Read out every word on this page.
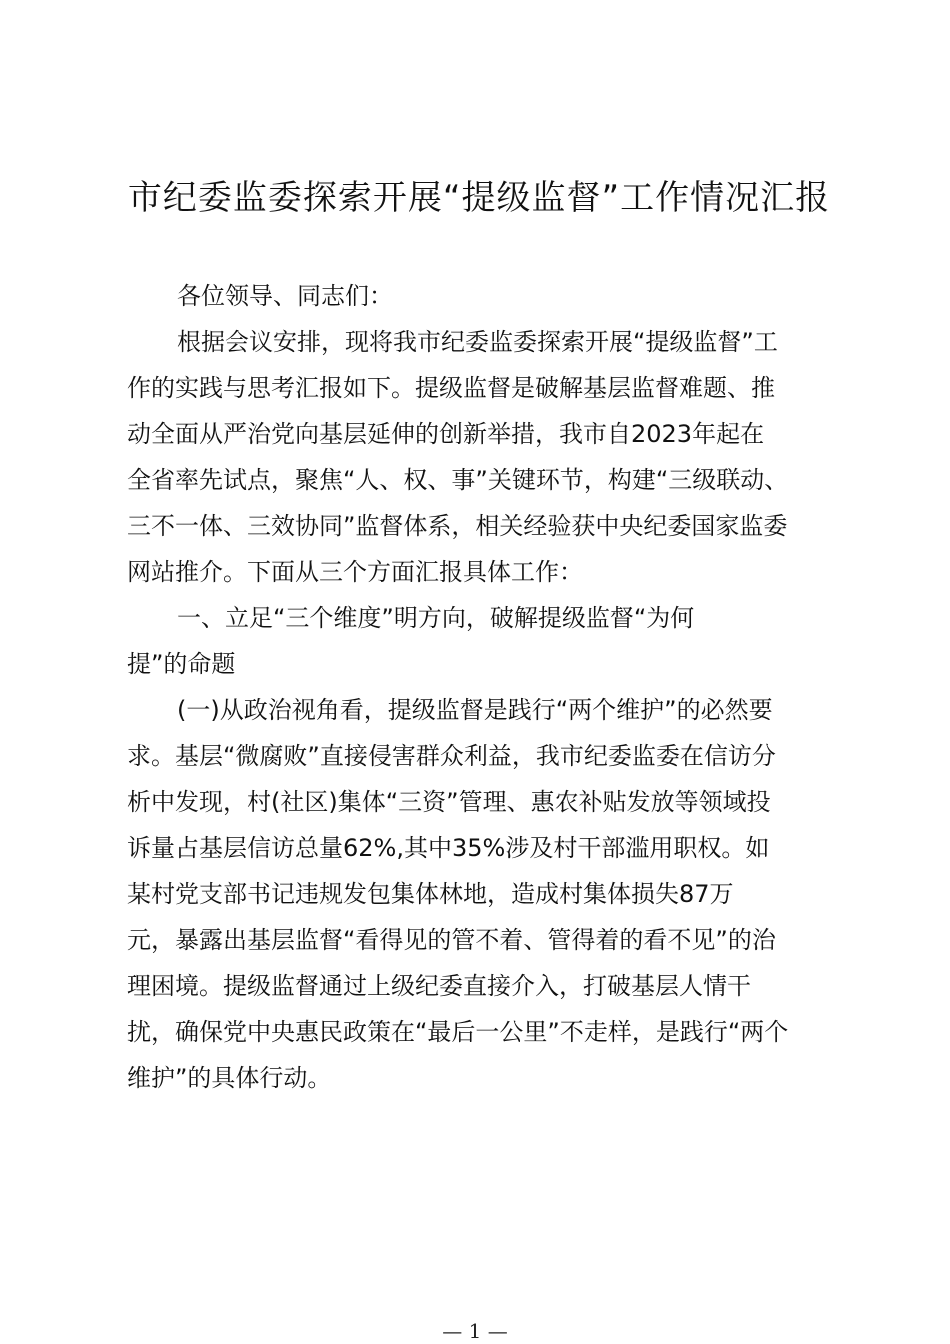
市纪委监委探索开展“提级监督”工作情况汇报

各位领导、同志们：

根据会议安排，现将我市纪委监委探索开展“提级监督”工

作的实践与思考汇报如下。提级监督是破解基层监督难题、推

动全面从严治党向基层延伸的创新举措，我市自2023年起在

全省率先试点，聚焦“人、权、事”关键环节，构建“三级联动、

三不一体、三效协同”监督体系，相关经验获中央纪委国家监委

网站推介。下面从三个方面汇报具体工作：

一、立足“三个维度”明方向，破解提级监督“为何

提”的命题

(一)从政治视角看，提级监督是践行“两个维护”的必然要

求。基层“微腐败”直接侵害群众利益，我市纪委监委在信访分

析中发现，村(社区)集体“三资”管理、惠农补贴发放等领域投

诉量占基层信访总量62%,其中35%涉及村干部滥用职权。如

某村党支部书记违规发包集体林地，造成村集体损失87万

元，暴露出基层监督“看得见的管不着、管得着的看不见”的治

理困境。提级监督通过上级纪委直接介入，打破基层人情干

扰，确保党中央惠民政策在“最后一公里”不走样，是践行“两个

维护”的具体行动。

— 1 —
